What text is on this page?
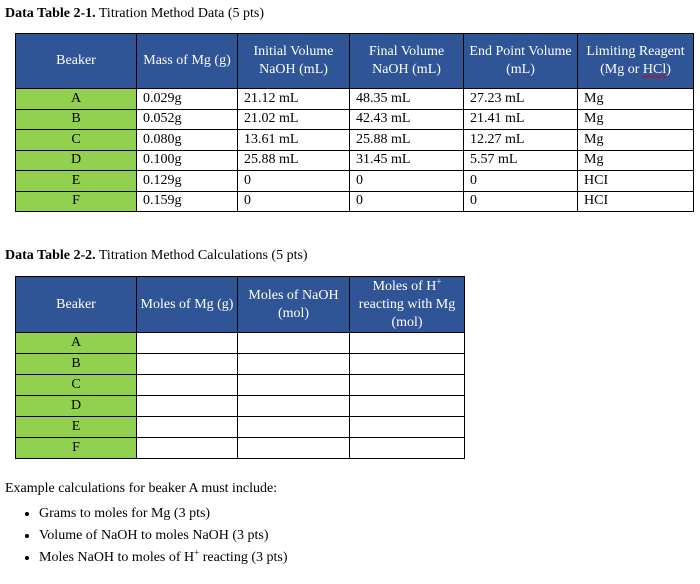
Data Table 2-1. Titration Method Data (5 pts)
Beaker	Mass of Mg (g)	Initial Volume NaOH (mL)	Final Volume NaOH (mL)	End Point Volume (mL)	Limiting Reagent
(Mg or HCl)
A	0.029g	21.12 mL	48.35 mL	27.23 mL	Mg
B	0.052g	21.02 mL	42.43 mL	21.41 mL	Mg
C	0.080g	13.61 mL	25.88 mL	12.27 mL	Mg
D	0.100g	25.88 mL	31.45 mL	5.57 mL	Mg
E	0.129g	0	0	0	HCI
F	0.159g	0	0	0	HCI
Data Table 2-2. Titration Method Calculations (5 pts)
Beaker	Moles of Mg (g)	Moles of NaOH (mol)	Moles of H+ reacting with Mg (mol)
A			
B			
C			
D			
E			
F			
Example calculations for beaker A must include:
• Grams to moles for Mg (3 pts)
• Volume of NaOH to moles NaOH (3 pts)
• Moles NaOH to moles of H+ reacting (3 pts)
